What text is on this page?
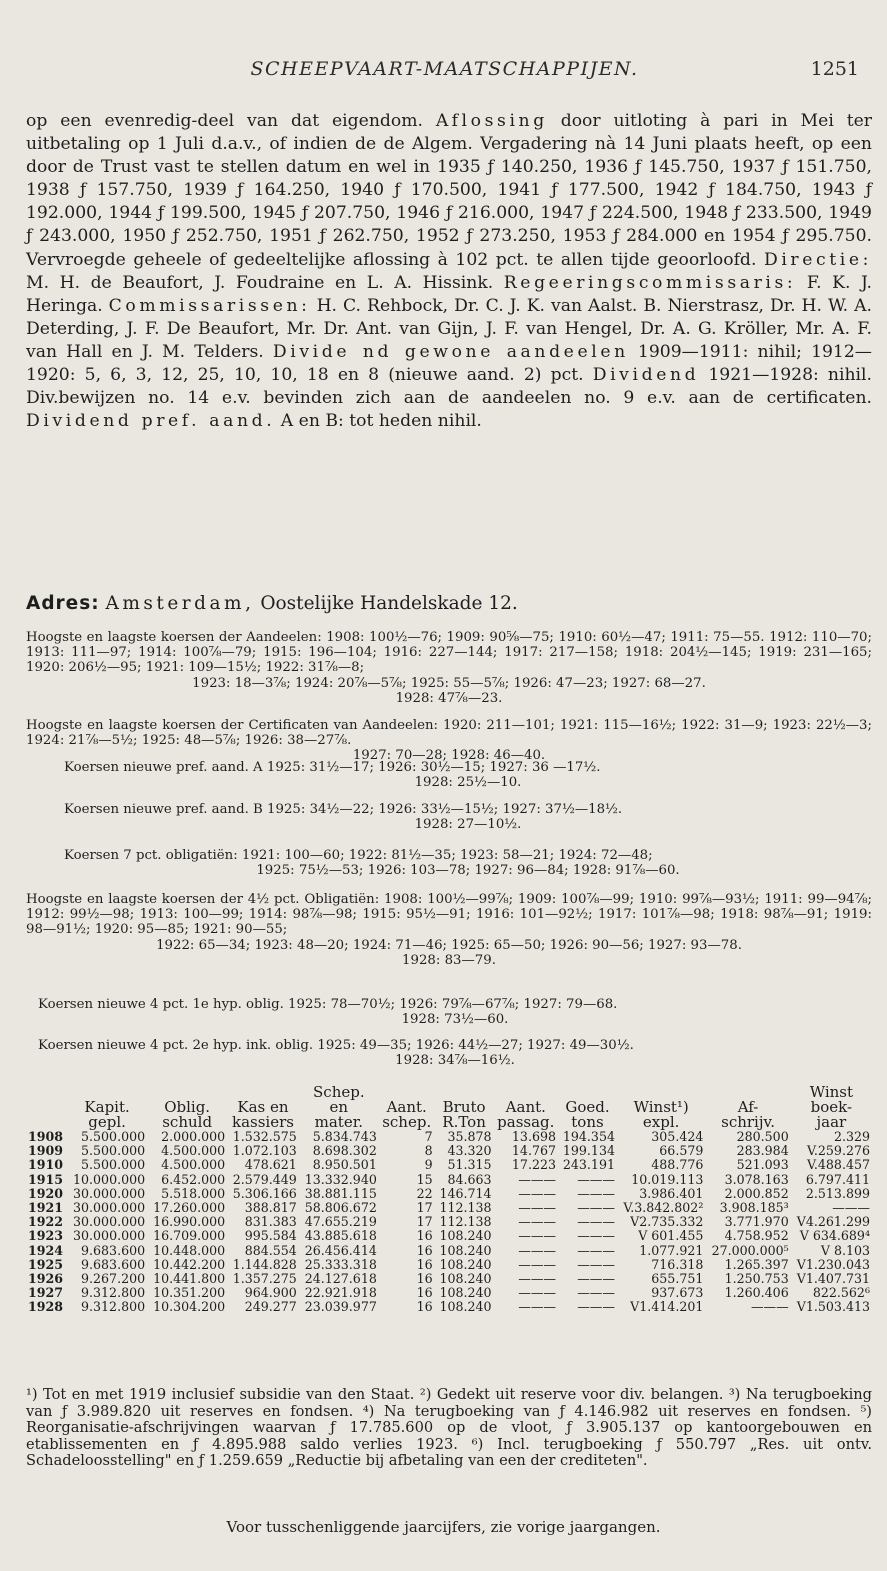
SCHEEPVAART-MAATSCHAPPIJEN.	1251
op een evenredig-deel van dat eigendom. Aflossing door uitloting à pari in Mei ter uitbetaling op 1 Juli d.a.v., of indien de de Algem. Vergadering nà 14 Juni plaats heeft, op een door de Trust vast te stellen datum en wel in 1935 ƒ 140.250, 1936 ƒ 145.750, 1937 ƒ 151.750, 1938 ƒ 157.750, 1939 ƒ 164.250, 1940 ƒ 170.500, 1941 ƒ 177.500, 1942 ƒ 184.750, 1943 ƒ 192.000, 1944 ƒ 199.500, 1945 ƒ 207.750, 1946 ƒ 216.000, 1947 ƒ 224.500, 1948 ƒ 233.500, 1949 ƒ 243.000, 1950 ƒ 252.750, 1951 ƒ 262.750, 1952 ƒ 273.250, 1953 ƒ 284.000 en 1954 ƒ 295.750. Vervroegde geheele of gedeeltelijke aflossing à 102 pct. te allen tijde geoorloofd. Directie: M. H. de Beaufort, J. Foudraine en L. A. Hissink. Regeeringscommissaris: F. K. J. Heringa. Commissarissen: H. C. Rehbock, Dr. C. J. K. van Aalst. B. Nierstrasz, Dr. H. W. A. Deterding, J. F. De Beaufort, Mr. Dr. Ant. van Gijn, J. F. van Hengel, Dr. A. G. Kröller, Mr. A. F. van Hall en J. M. Telders. Divide nd gewone aandeelen 1909—1911: nihil; 1912—1920: 5, 6, 3, 12, 25, 10, 10, 18 en 8 (nieuwe aand. 2) pct. Dividend 1921—1928: nihil. Div.bewijzen no. 14 e.v. bevinden zich aan de aandeelen no. 9 e.v. aan de certificaten. Dividend pref. aand. A en B: tot heden nihil.
Adres: Amsterdam, Oostelijke Handelskade 12.

Hoogste en laagste koersen der Aandeelen: 1908: 100½—76; 1909: 90⅝—75; 1910: 60½—47; 1911: 75—55. 1912: 110—70; 1913: 111—97; 1914: 100⅞—79; 1915: 196—104; 1916: 227—144; 1917: 217—158; 1918: 204½—145; 1919: 231—165; 1920: 206½—95; 1921: 109—15½; 1922: 31⅞—8;

1923: 18—3⅞; 1924: 20⅞—5⅞; 1925: 55—5⅞; 1926: 47—23; 1927: 68—27.
1928: 47⅞—23.

Hoogste en laagste koersen der Certificaten van Aandeelen: 1920: 211—101; 1921: 115—16½; 1922: 31—9; 1923: 22½—3; 1924: 21⅞—5½; 1925: 48—5⅞; 1926: 38—27⅞.

1927: 70—28; 1928: 46—40.

Koersen nieuwe pref. aand. A 1925: 31½—17; 1926: 30½—15; 1927: 36 —17½.

1928: 25½—10.

Koersen nieuwe pref. aand. B 1925: 34½—22; 1926: 33½—15½; 1927: 37½—18½.

1928: 27—10½.

Koersen 7 pct. obligatiën: 1921: 100—60; 1922: 81½—35; 1923: 58—21; 1924: 72—48;

1925: 75½—53; 1926: 103—78; 1927: 96—84; 1928: 91⅞—60.

Hoogste en laagste koersen der 4½ pct. Obligatiën: 1908: 100½—99⅞; 1909: 100⅞—99; 1910: 99⅞—93½; 1911: 99—94⅞; 1912: 99½—98; 1913: 100—99; 1914: 98⅞—98; 1915: 95½—91; 1916: 101—92½; 1917: 101⅞—98; 1918: 98⅞—91; 1919: 98—91½; 1920: 95—85; 1921: 90—55;

1922: 65—34; 1923: 48—20; 1924: 71—46; 1925: 65—50; 1926: 90—56; 1927: 93—78.
1928: 83—79.

Koersen nieuwe 4 pct. 1e hyp. oblig. 1925: 78—70½; 1926: 79⅞—67⅞; 1927: 79—68.

1928: 73½—60.

Koersen nieuwe 4 pct. 2e hyp. ink. oblig. 1925: 49—35; 1926: 44½—27; 1927: 49—30½.

1928: 34⅞—16½.
				Schep.							Winst
	Kapit.	Oblig.	Kas en	en	Aant.	Bruto	Aant.	Goed.	Winst¹)	Af-	boek-
	gepl.	schuld	kassiers	mater.	schep.	R.Ton	passag.	tons	expl.	schrijv.	jaar
1908	5.500.000	2.000.000	1.532.575	5.834.743	7	35.878	13.698	194.354	305.424	280.500	2.329
1909	5.500.000	4.500.000	1.072.103	8.698.302	8	43.320	14.767	199.134	66.579	283.984	V.259.276
1910	5.500.000	4.500.000	478.621	8.950.501	9	51.315	17.223	243.191	488.776	521.093	V.488.457
1915	10.000.000	6.452.000	2.579.449	13.332.940	15	84.663	———	———	10.019.113	3.078.163	6.797.411
1920	30.000.000	5.518.000	5.306.166	38.881.115	22	146.714	———	———	3.986.401	2.000.852	2.513.899
1921	30.000.000	17.260.000	388.817	58.806.672	17	112.138	———	———	V.3.842.802²	3.908.185³	———
1922	30.000.000	16.990.000	831.383	47.655.219	17	112.138	———	———	V2.735.332	3.771.970	V4.261.299
1923	30.000.000	16.709.000	995.584	43.885.618	16	108.240	———	———	V 601.455	4.758.952	V 634.689⁴
1924	9.683.600	10.448.000	884.554	26.456.414	16	108.240	———	———	1.077.921	27.000.000⁵	V 8.103
1925	9.683.600	10.442.200	1.144.828	25.333.318	16	108.240	———	———	716.318	1.265.397	V1.230.043
1926	9.267.200	10.441.800	1.357.275	24.127.618	16	108.240	———	———	655.751	1.250.753	V1.407.731
1927	9.312.800	10.351.200	964.900	22.921.918	16	108.240	———	———	937.673	1.260.406	822.562⁶
1928	9.312.800	10.304.200	249.277	23.039.977	16	108.240	———	———	V1.414.201	———	V1.503.413
¹) Tot en met 1919 inclusief subsidie van den Staat. ²) Gedekt uit reserve voor div. belangen. ³) Na terugboeking van ƒ 3.989.820 uit reserves en fondsen. ⁴) Na terugboeking van ƒ 4.146.982 uit reserves en fondsen. ⁵) Reorganisatie-afschrijvingen waarvan ƒ 17.785.600 op de vloot, ƒ 3.905.137 op kantoorgebouwen en etablissementen en ƒ 4.895.988 saldo verlies 1923. ⁶) Incl. terugboeking ƒ 550.797 „Res. uit ontv. Schadeloosstelling" en ƒ 1.259.659 „Reductie bij afbetaling van een der crediteten".
Voor tusschenliggende jaarcijfers, zie vorige jaargangen.
